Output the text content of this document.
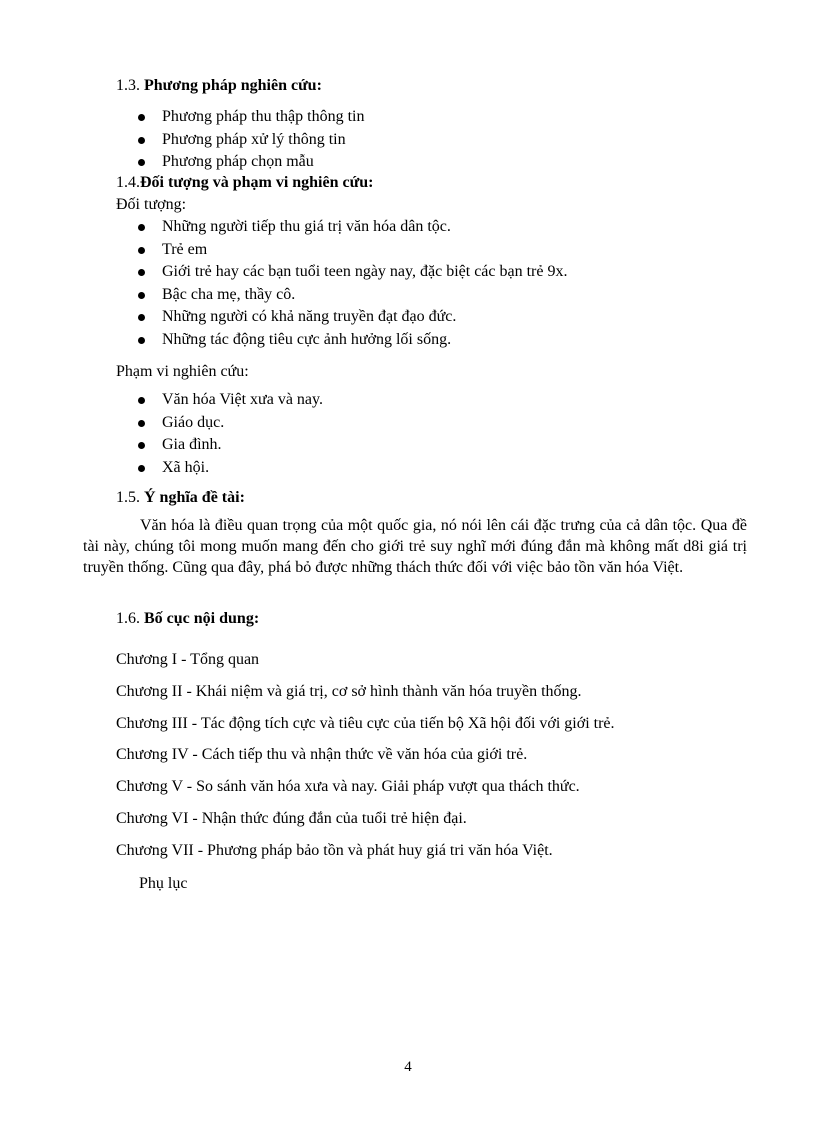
1.3. Phương pháp nghiên cứu:
Phương pháp thu thập thông tin
Phương pháp xử lý thông tin
Phương pháp chọn mẫu
1.4.Đối tượng và phạm vi nghiên cứu:
Đối tượng:
Những người tiếp thu giá trị văn hóa dân tộc.
Trẻ em
Giới trẻ hay các bạn tuổi teen ngày nay, đặc biệt các bạn trẻ 9x.
Bậc cha mẹ, thầy cô.
Những người có khả năng truyền đạt đạo đức.
Những tác động tiêu cực ảnh hưởng lối sống.
Phạm vi nghiên cứu:
Văn hóa Việt xưa và nay.
Giáo dục.
Gia đình.
Xã hội.
1.5. Ý nghĩa đề tài:
Văn hóa là điều quan trọng của một quốc gia, nó nói lên cái đặc trưng của cả dân tộc. Qua đề tài này, chúng tôi mong muốn mang đến cho giới trẻ suy nghĩ mới đúng đắn mà không mất d8i giá trị truyền thống. Cũng qua đây, phá bỏ được những thách thức đối với việc bảo tồn văn hóa Việt.
1.6. Bố cục nội dung:
Chương I - Tổng quan
Chương II - Khái niệm và giá trị, cơ sở hình thành văn hóa truyền thống.
Chương III - Tác động tích cực và tiêu cực của tiến bộ Xã hội đối với giới trẻ.
Chương IV - Cách tiếp thu và nhận thức về văn hóa của giới trẻ.
Chương V - So sánh văn hóa xưa và nay. Giải pháp vượt qua thách thức.
Chương VI - Nhận thức đúng đắn của tuổi trẻ hiện đại.
Chương VII - Phương pháp bảo tồn và phát huy giá tri văn hóa Việt.
Phụ lục
4
